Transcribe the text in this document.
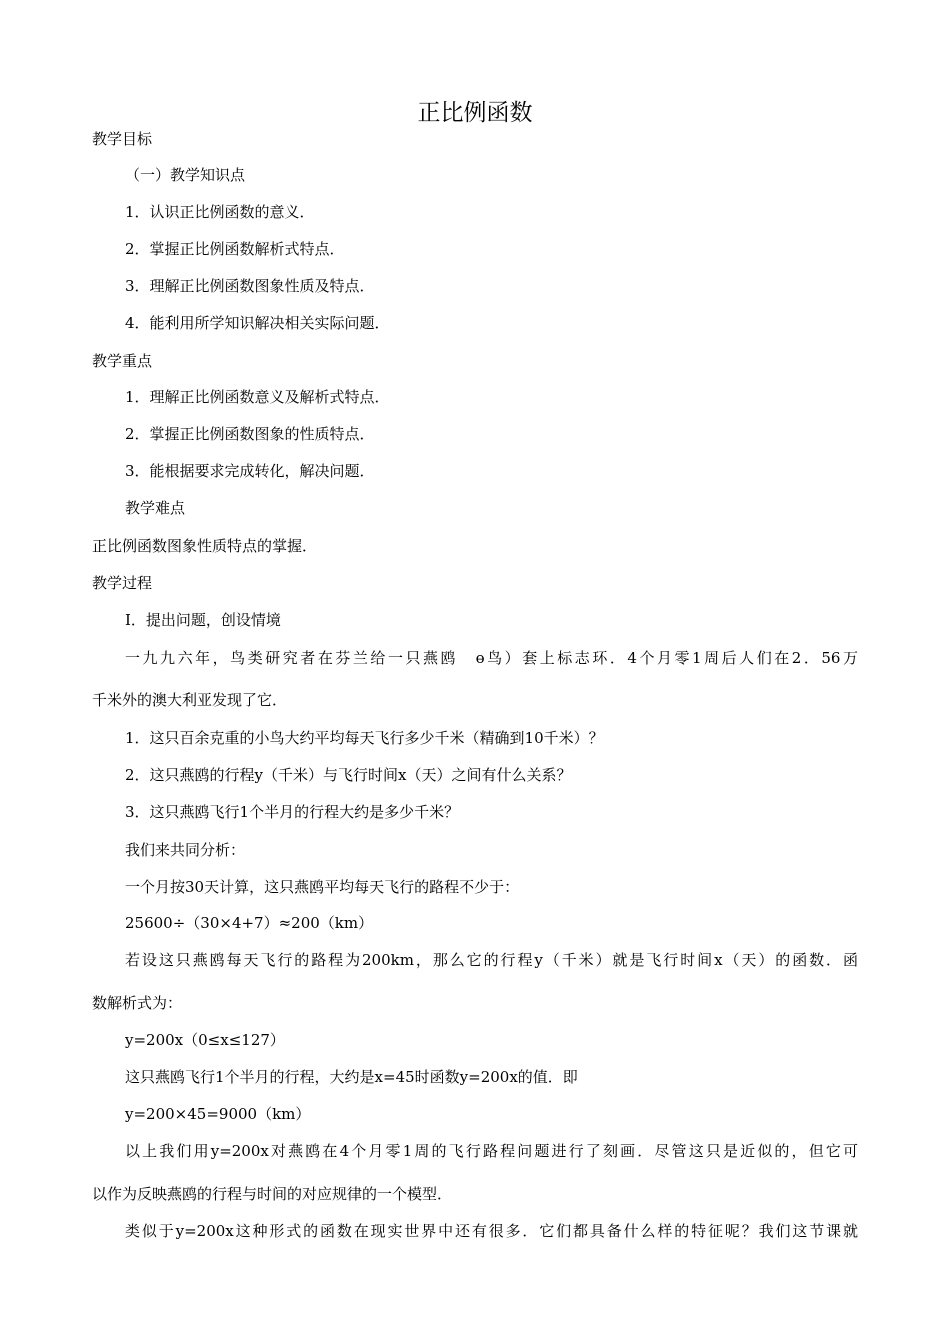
正比例函数
教学目标
（一）教学知识点
1．认识正比例函数的意义．
2．掌握正比例函数解析式特点．
3．理解正比例函数图象性质及特点．
4．能利用所学知识解决相关实际问题．
教学重点
1．理解正比例函数意义及解析式特点．
2．掌握正比例函数图象的性质特点．
3．能根据要求完成转化，解决问题．
教学难点
正比例函数图象性质特点的掌握．
教学过程
Ⅰ．提出问题，创设情境
一九九六年，鸟类研究者在芬兰给一只燕鸥　ɵ鸟）套上标志环．4个月零1周后人们在2．56万
千米外的澳大利亚发现了它．
1．这只百余克重的小鸟大约平均每天飞行多少千米（精确到10千米）？
2．这只燕鸥的行程y（千米）与飞行时间x（天）之间有什么关系？
3．这只燕鸥飞行1个半月的行程大约是多少千米？
我们来共同分析：
一个月按30天计算，这只燕鸥平均每天飞行的路程不少于：
25600÷（30×4+7）≈200（km）
若设这只燕鸥每天飞行的路程为200km，那么它的行程y（千米）就是飞行时间x（天）的函数．函
数解析式为：
y=200x（0≤x≤127）
这只燕鸥飞行1个半月的行程，大约是x=45时函数y=200x的值．即
y=200×45=9000（km）
以上我们用y=200x对燕鸥在4个月零1周的飞行路程问题进行了刻画．尽管这只是近似的，但它可
以作为反映燕鸥的行程与时间的对应规律的一个模型．
类似于y=200x这种形式的函数在现实世界中还有很多．它们都具备什么样的特征呢？我们这节课就
